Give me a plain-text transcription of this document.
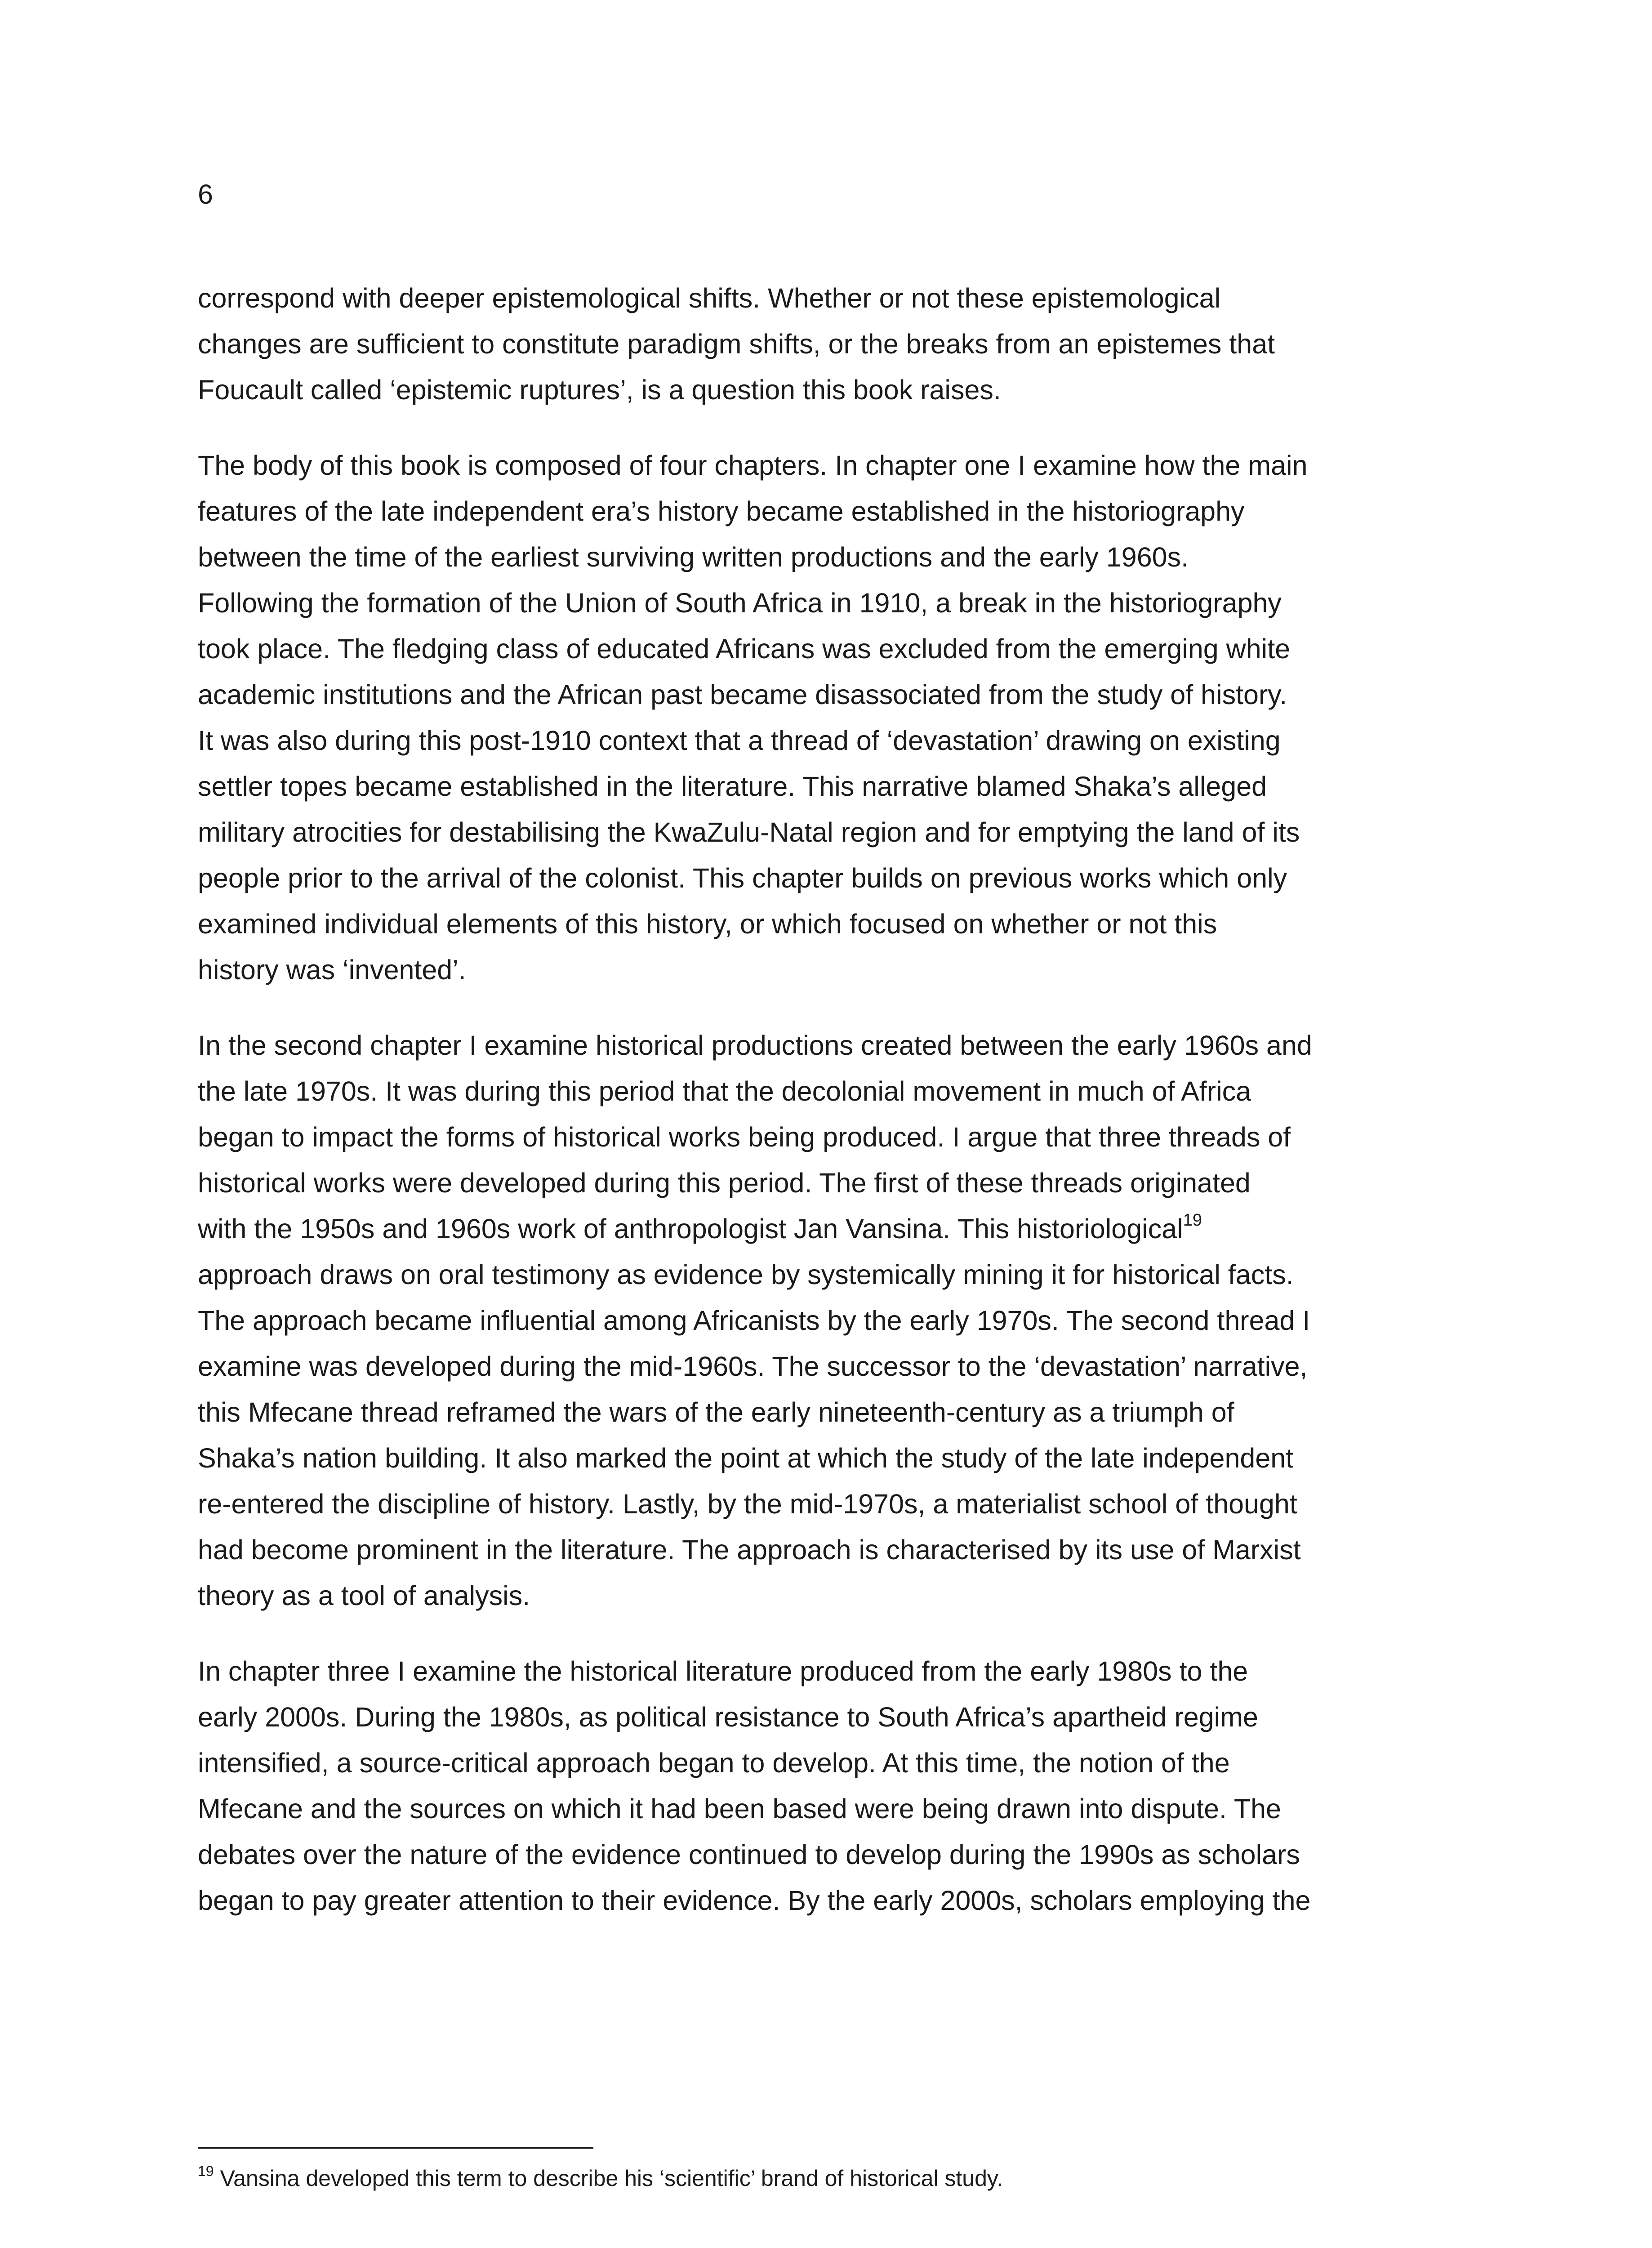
6

correspond with deeper epistemological shifts. Whether or not these epistemological
changes are sufficient to constitute paradigm shifts, or the breaks from an epistemes that
Foucault called ‘epistemic ruptures’, is a question this book raises.

The body of this book is composed of four chapters. In chapter one I examine how the main
features of the late independent era’s history became established in the historiography
between the time of the earliest surviving written productions and the early 1960s.
Following the formation of the Union of South Africa in 1910, a break in the historiography
took place. The fledging class of educated Africans was excluded from the emerging white
academic institutions and the African past became disassociated from the study of history.
It was also during this post-1910 context that a thread of ‘devastation’ drawing on existing
settler topes became established in the literature. This narrative blamed Shaka’s alleged
military atrocities for destabilising the KwaZulu-Natal region and for emptying the land of its
people prior to the arrival of the colonist. This chapter builds on previous works which only
examined individual elements of this history, or which focused on whether or not this
history was ‘invented’.

In the second chapter I examine historical productions created between the early 1960s and
the late 1970s. It was during this period that the decolonial movement in much of Africa
began to impact the forms of historical works being produced. I argue that three threads of
historical works were developed during this period. The first of these threads originated
with the 1950s and 1960s work of anthropologist Jan Vansina. This historiological$^{19}$
approach draws on oral testimony as evidence by systemically mining it for historical facts.
The approach became influential among Africanists by the early 1970s. The second thread I
examine was developed during the mid-1960s. The successor to the ‘devastation’ narrative,
this Mfecane thread reframed the wars of the early nineteenth-century as a triumph of
Shaka’s nation building. It also marked the point at which the study of the late independent
re-entered the discipline of history. Lastly, by the mid-1970s, a materialist school of thought
had become prominent in the literature. The approach is characterised by its use of Marxist
theory as a tool of analysis.

In chapter three I examine the historical literature produced from the early 1980s to the
early 2000s. During the 1980s, as political resistance to South Africa’s apartheid regime
intensified, a source-critical approach began to develop. At this time, the notion of the
Mfecane and the sources on which it had been based were being drawn into dispute. The
debates over the nature of the evidence continued to develop during the 1990s as scholars
began to pay greater attention to their evidence. By the early 2000s, scholars employing the

$^{19}$ Vansina developed this term to describe his ‘scientific’ brand of historical study.
